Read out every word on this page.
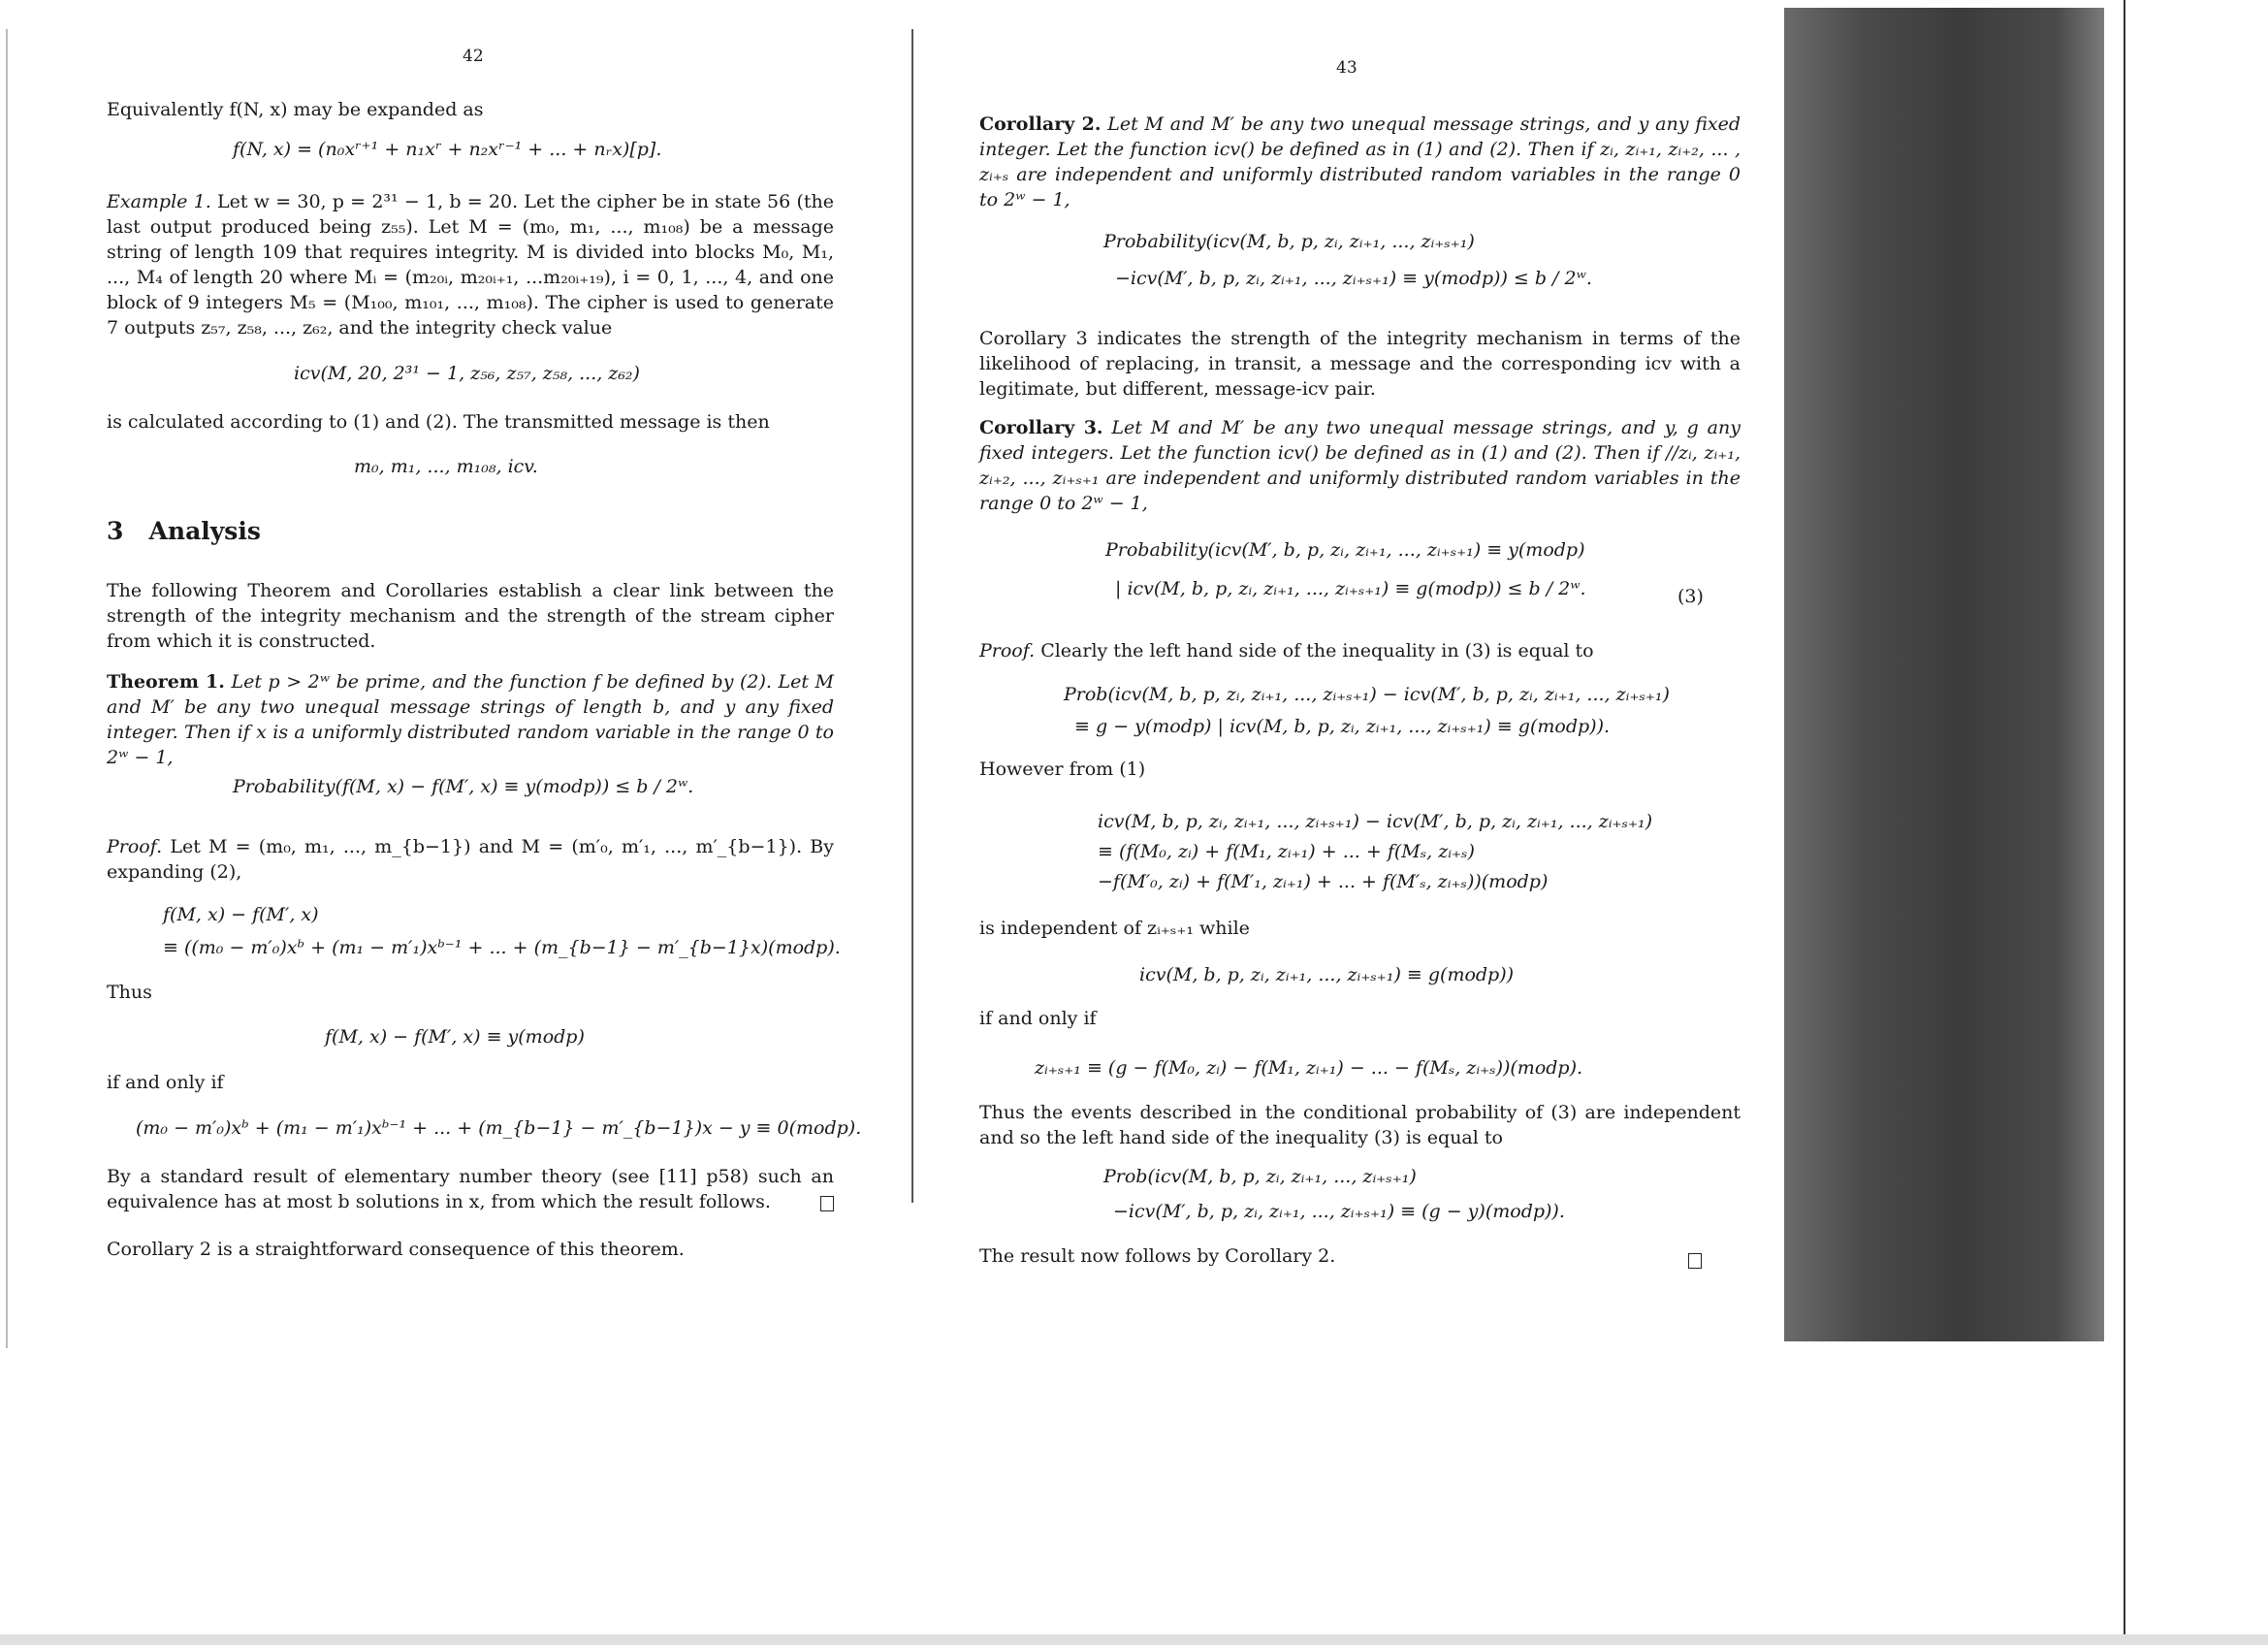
42
Equivalently f(N, x) may be expanded as
f(N, x) = (n₀xʳ⁺¹ + n₁xʳ + n₂xʳ⁻¹ + ... + nᵣx)[p].
Example 1. Let w = 30, p = 2³¹ − 1, b = 20. Let the cipher be in state 56 (the last output produced being z₅₅). Let M = (m₀, m₁, ..., m₁₀₈) be a message string of length 109 that requires integrity. M is divided into blocks M₀, M₁, ..., M₄ of length 20 where Mᵢ = (m₂₀ᵢ, m₂₀ᵢ₊₁, ...m₂₀ᵢ₊₁₉), i = 0, 1, ..., 4, and one block of 9 integers M₅ = (M₁₀₀, m₁₀₁, ..., m₁₀₈). The cipher is used to generate 7 outputs z₅₇, z₅₈, ..., z₆₂, and the integrity check value
icv(M, 20, 2³¹ − 1, z₅₆, z₅₇, z₅₈, ..., z₆₂)
is calculated according to (1) and (2). The transmitted message is then
m₀, m₁, ..., m₁₀₈, icv.
3   Analysis
The following Theorem and Corollaries establish a clear link between the strength of the integrity mechanism and the strength of the stream cipher from which it is constructed.
Theorem 1. Let p > 2ʷ be prime, and the function f be defined by (2). Let M and M′ be any two unequal message strings of length b, and y any fixed integer. Then if x is a uniformly distributed random variable in the range 0 to 2ʷ − 1,
Probability(f(M, x) − f(M′, x) ≡ y(modp)) ≤ b / 2ʷ.
Proof. Let M = (m₀, m₁, ..., m_{b−1}) and M = (m′₀, m′₁, ..., m′_{b−1}). By expanding (2),
f(M, x) − f(M′, x)
≡ ((m₀ − m′₀)xᵇ + (m₁ − m′₁)xᵇ⁻¹ + ... + (m_{b−1} − m′_{b−1}x)(modp).
Thus
f(M, x) − f(M′, x) ≡ y(modp)
if and only if
(m₀ − m′₀)xᵇ + (m₁ − m′₁)xᵇ⁻¹ + ... + (m_{b−1} − m′_{b−1})x − y ≡ 0(modp).
By a standard result of elementary number theory (see [11] p58) such an equivalence has at most b solutions in x, from which the result follows.
Corollary 2 is a straightforward consequence of this theorem.
43
Corollary 2. Let M and M′ be any two unequal message strings, and y any fixed integer. Let the function icv() be defined as in (1) and (2). Then if zᵢ, zᵢ₊₁, zᵢ₊₂, ... , zᵢ₊ₛ are independent and uniformly distributed random variables in the range 0 to 2ʷ − 1,
Probability(icv(M, b, p, zᵢ, zᵢ₊₁, ..., zᵢ₊ₛ₊₁)
−icv(M′, b, p, zᵢ, zᵢ₊₁, ..., zᵢ₊ₛ₊₁) ≡ y(modp)) ≤ b / 2ʷ.
Corollary 3 indicates the strength of the integrity mechanism in terms of the likelihood of replacing, in transit, a message and the corresponding icv with a legitimate, but different, message-icv pair.
Corollary 3. Let M and M′ be any two unequal message strings, and y, g any fixed integers. Let the function icv() be defined as in (1) and (2). Then if //zᵢ, zᵢ₊₁, zᵢ₊₂, ..., zᵢ₊ₛ₊₁ are independent and uniformly distributed random variables in the range 0 to 2ʷ − 1,
Probability(icv(M′, b, p, zᵢ, zᵢ₊₁, ..., zᵢ₊ₛ₊₁) ≡ y(modp)
| icv(M, b, p, zᵢ, zᵢ₊₁, ..., zᵢ₊ₛ₊₁) ≡ g(modp)) ≤ b / 2ʷ.	(3)
Proof. Clearly the left hand side of the inequality in (3) is equal to
Prob(icv(M, b, p, zᵢ, zᵢ₊₁, ..., zᵢ₊ₛ₊₁) − icv(M′, b, p, zᵢ, zᵢ₊₁, ..., zᵢ₊ₛ₊₁)
≡ g − y(modp) | icv(M, b, p, zᵢ, zᵢ₊₁, ..., zᵢ₊ₛ₊₁) ≡ g(modp)).
However from (1)
icv(M, b, p, zᵢ, zᵢ₊₁, ..., zᵢ₊ₛ₊₁) − icv(M′, b, p, zᵢ, zᵢ₊₁, ..., zᵢ₊ₛ₊₁)
≡ (f(M₀, zᵢ) + f(M₁, zᵢ₊₁) + ... + f(Mₛ, zᵢ₊ₛ)
−f(M′₀, zᵢ) + f(M′₁, zᵢ₊₁) + ... + f(M′ₛ, zᵢ₊ₛ))(modp)
is independent of zᵢ₊ₛ₊₁ while
icv(M, b, p, zᵢ, zᵢ₊₁, ..., zᵢ₊ₛ₊₁) ≡ g(modp))
if and only if
zᵢ₊ₛ₊₁ ≡ (g − f(M₀, zᵢ) − f(M₁, zᵢ₊₁) − ... − f(Mₛ, zᵢ₊ₛ))(modp).
Thus the events described in the conditional probability of (3) are independent and so the left hand side of the inequality (3) is equal to
Prob(icv(M, b, p, zᵢ, zᵢ₊₁, ..., zᵢ₊ₛ₊₁)
−icv(M′, b, p, zᵢ, zᵢ₊₁, ..., zᵢ₊ₛ₊₁) ≡ (g − y)(modp)).
The result now follows by Corollary 2.
